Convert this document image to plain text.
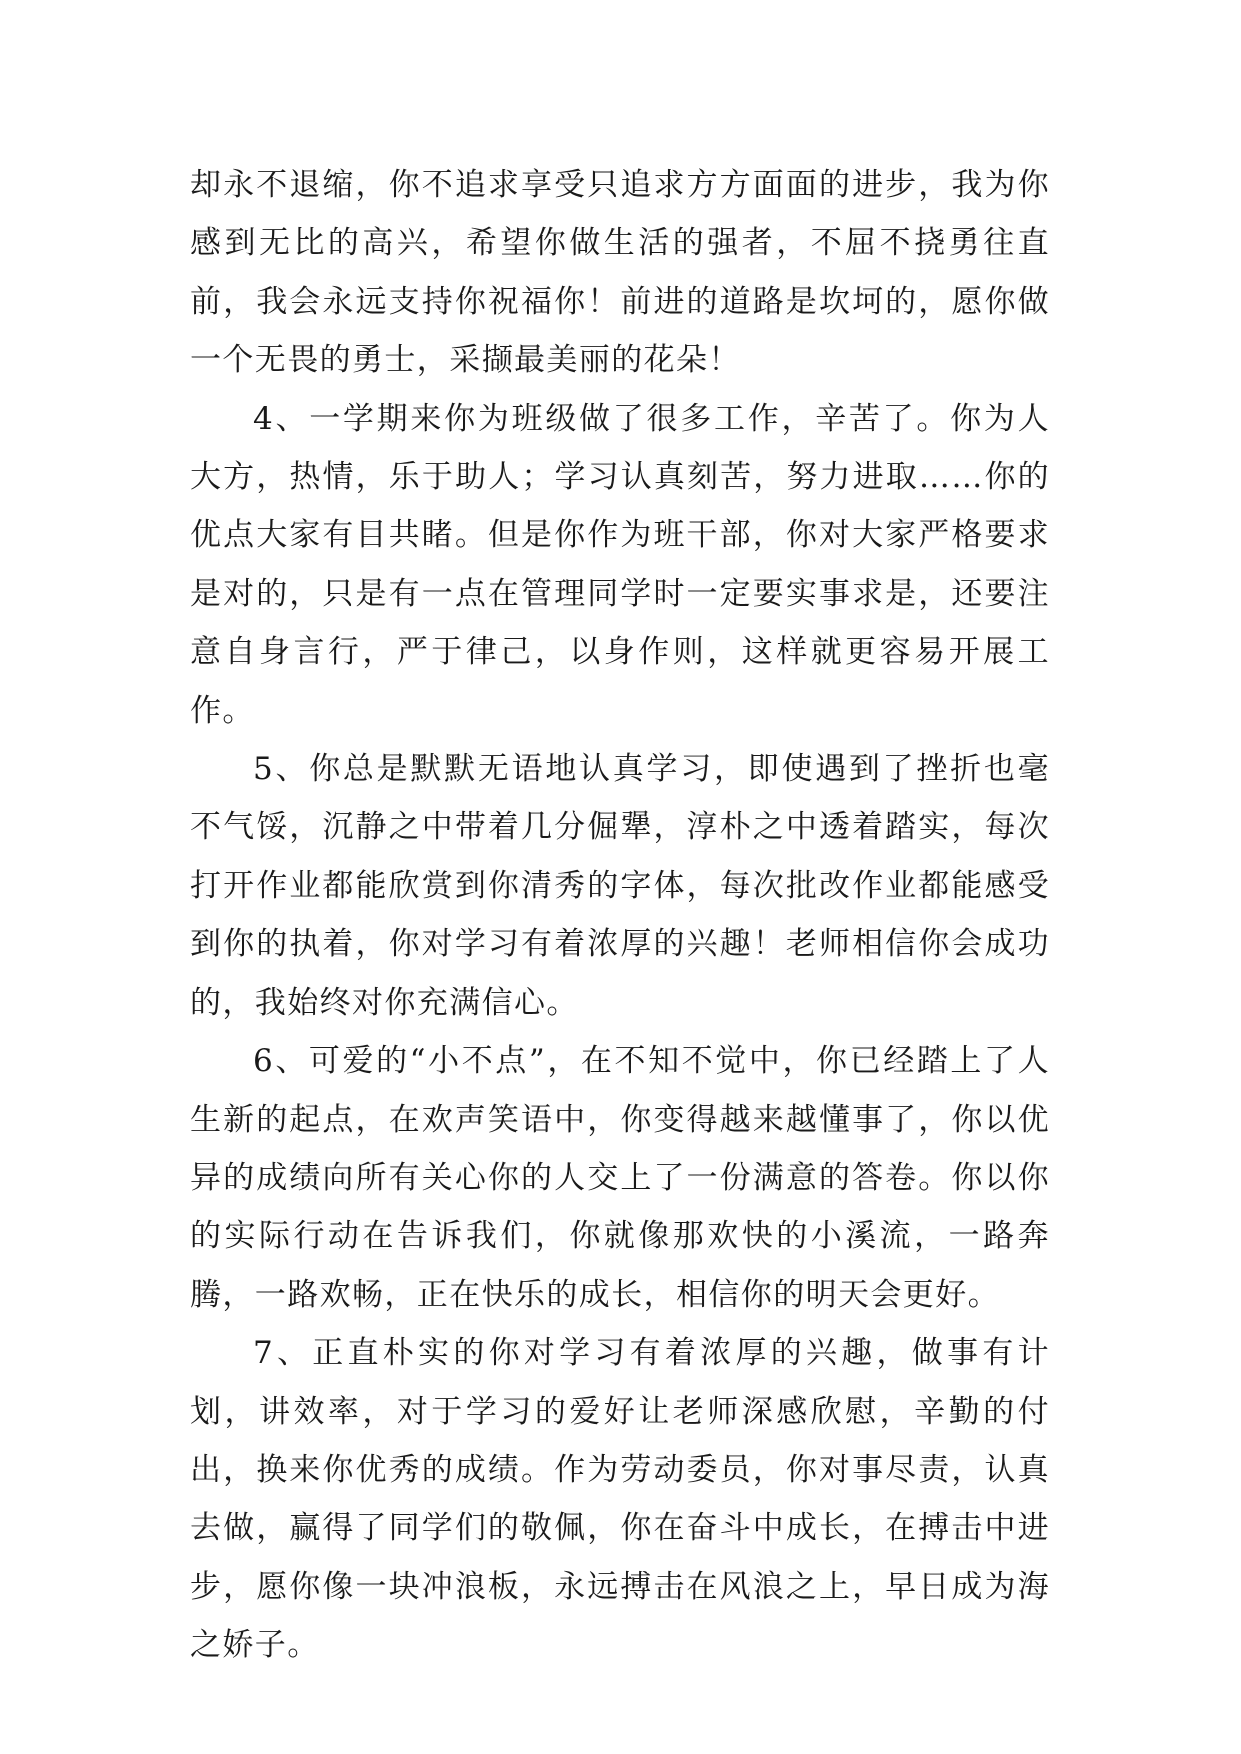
却永不退缩，你不追求享受只追求方方面面的进步，我为你感到无比的高兴，希望你做生活的强者，不屈不挠勇往直前，我会永远支持你祝福你！前进的道路是坎坷的，愿你做一个无畏的勇士，采撷最美丽的花朵！

4、一学期来你为班级做了很多工作，辛苦了。你为人大方，热情，乐于助人；学习认真刻苦，努力进取……你的优点大家有目共睹。但是你作为班干部，你对大家严格要求是对的，只是有一点在管理同学时一定要实事求是，还要注意自身言行，严于律己，以身作则，这样就更容易开展工作。

5、你总是默默无语地认真学习，即使遇到了挫折也毫不气馁，沉静之中带着几分倔犟，淳朴之中透着踏实，每次打开作业都能欣赏到你清秀的字体，每次批改作业都能感受到你的执着，你对学习有着浓厚的兴趣！老师相信你会成功的，我始终对你充满信心。

6、可爱的“小不点”，在不知不觉中，你已经踏上了人生新的起点，在欢声笑语中，你变得越来越懂事了，你以优异的成绩向所有关心你的人交上了一份满意的答卷。你以你的实际行动在告诉我们，你就像那欢快的小溪流，一路奔腾，一路欢畅，正在快乐的成长，相信你的明天会更好。

7、正直朴实的你对学习有着浓厚的兴趣，做事有计划，讲效率，对于学习的爱好让老师深感欣慰，辛勤的付出，换来你优秀的成绩。作为劳动委员，你对事尽责，认真去做，赢得了同学们的敬佩，你在奋斗中成长，在搏击中进步，愿你像一块冲浪板，永远搏击在风浪之上，早日成为海之娇子。
